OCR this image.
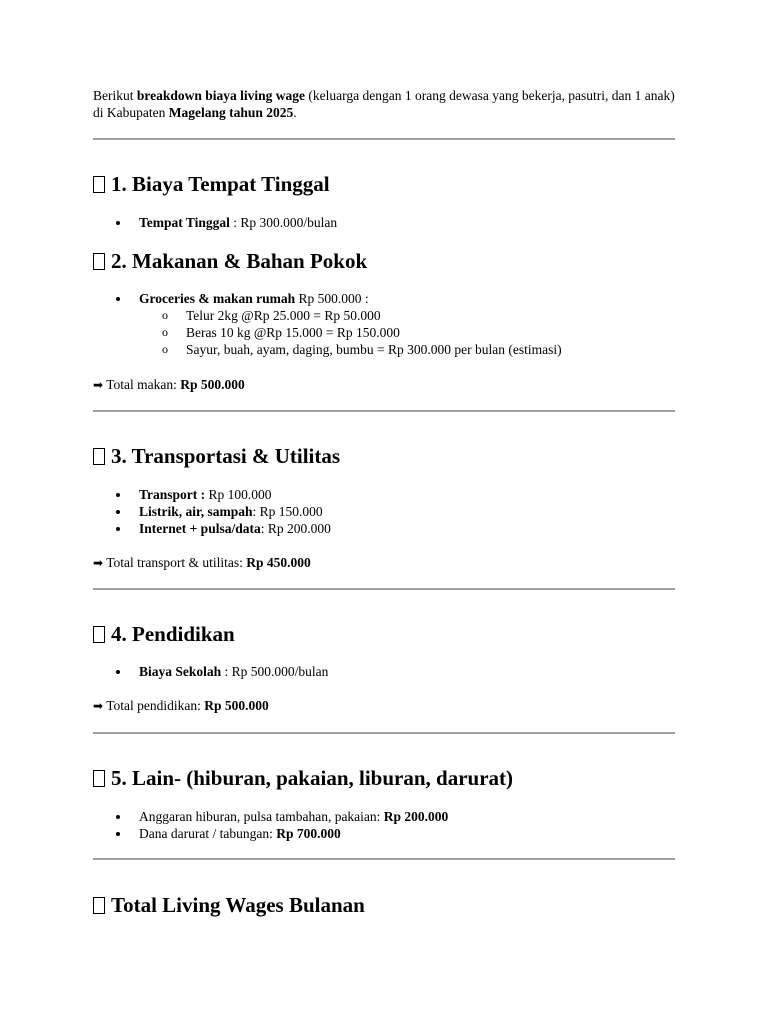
Berikut breakdown biaya living wage (keluarga dengan 1 orang dewasa yang bekerja, pasutri, dan 1 anak) di Kabupaten Magelang tahun 2025.

1. Biaya Tempat Tinggal
Tempat Tinggal : Rp 300.000/bulan
2. Makanan & Bahan Pokok
Groceries & makan rumah Rp 500.000 :
o Telur 2kg @Rp 25.000 = Rp 50.000
o Beras 10 kg @Rp 15.000 = Rp 150.000
o Sayur, buah, ayam, daging, bumbu = Rp 300.000 per bulan (estimasi)

➡ Total makan: Rp 500.000

3. Transportasi & Utilitas
Transport : Rp 100.000
Listrik, air, sampah: Rp 150.000
Internet + pulsa/data: Rp 200.000

➡ Total transport & utilitas: Rp 450.000

4. Pendidikan
Biaya Sekolah : Rp 500.000/bulan

➡ Total pendidikan: Rp 500.000

5. Lain- (hiburan, pakaian, liburan, darurat)
Anggaran hiburan, pulsa tambahan, pakaian: Rp 200.000
Dana darurat / tabungan: Rp 700.000
Total Living Wages Bulanan
